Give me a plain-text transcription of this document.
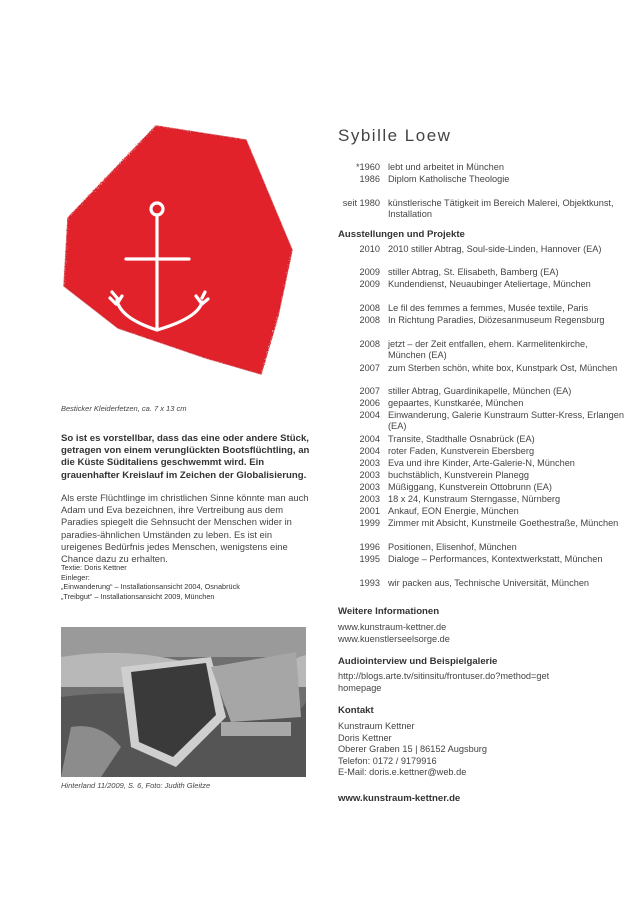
Besticker Kleiderfetzen, ca. 7 x 13 cm
So ist es vorstellbar, dass das eine oder andere Stück, getragen von einem verunglückten Bootsflüchtling, an die Küste Süditaliens geschwemmt wird. Ein grauenhafter Kreislauf im Zeichen der Globalisierung.
Als erste Flüchtlinge im christlichen Sinne könnte man auch Adam und Eva bezeichnen, ihre Vertreibung aus dem Paradies spiegelt die Sehnsucht der Menschen wider in paradies-ähnlichen Umständen zu leben. Es ist ein ureigenes Bedürfnis jedes Menschen, wenigstens eine Chance dazu zu erhalten.
Textie: Doris Kettner
Einleger:
„Einwanderung“ – Installationsansicht 2004, Osnabrück
„Treibgut“ – Installationsansicht 2009, München
Hinterland 11/2009, S. 6, Foto: Judith Gleitze
Sybille Loew
*1960 lebt und arbeitet in München
1986 Diplom Katholische Theologie
seit 1980 künstlerische Tätigkeit im Bereich Malerei, Objektkunst, Installation
Ausstellungen und Projekte
2010 2010 stiller Abtrag, Soul-side-Linden, Hannover (EA)
2009 stiller Abtrag, St. Elisabeth, Bamberg (EA)
2009 Kundendienst, Neuaubinger Ateliertage, München
2008 Le fil des femmes a femmes, Musée textile, Paris
2008 In Richtung Paradies, Diözesanmuseum Regensburg
2008 jetzt – der Zeit entfallen, ehem. Karmelitenkirche, München (EA)
2007 zum Sterben schön, white box, Kunstpark Ost, München
2007 stiller Abtrag, Guardinikapelle, München (EA)
2006 gepaartes, Kunstkarée, München
2004 Einwanderung, Galerie Kunstraum Sutter-Kress, Erlangen (EA)
2004 Transite, Stadthalle Osnabrück (EA)
2004 roter Faden, Kunstverein Ebersberg
2003 Eva und ihre Kinder, Arte-Galerie-N, München
2003 buchstäblich, Kunstverein Planegg
2003 Müßiggang, Kunstverein Ottobrunn (EA)
2003 18 x 24, Kunstraum Sterngasse, Nürnberg
2001 Ankauf, EON Energie, München
1999 Zimmer mit Absicht, Kunstmeile Goethestraße, München
1996 Positionen, Elisenhof, München
1995 Dialoge – Performances, Kontextwerkstatt, München
1993 wir packen aus, Technische Universität, München
Weitere Informationen
www.kunstraum-kettner.de
www.kuenstlerseelsorge.de
Audiointerview und Beispielgalerie
http://blogs.arte.tv/sitinsitu/frontuser.do?method=get
homepage
Kontakt
Kunstraum Kettner
Doris Kettner
Oberer Graben 15 | 86152 Augsburg
Telefon: 0172 / 9179916
E-Mail: doris.e.kettner@web.de
www.kunstraum-kettner.de
